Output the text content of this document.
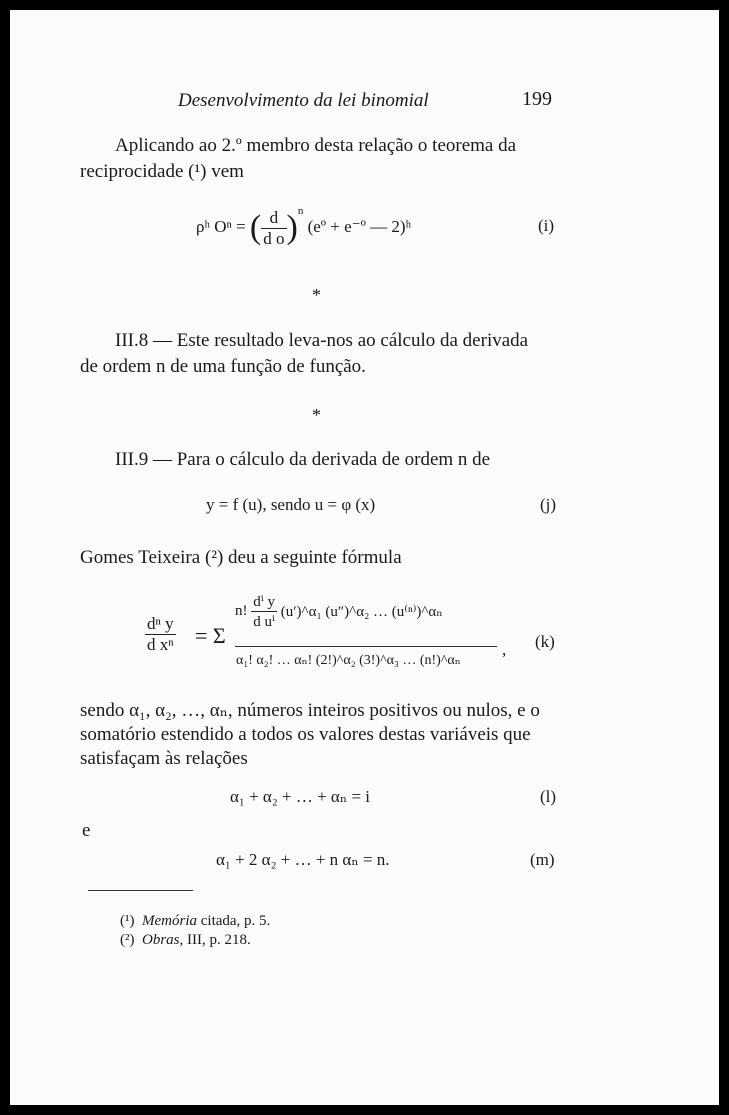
Desenvolvimento da lei binomial	199
Aplicando ao 2.º membro desta relação o teorema da
reciprocidade (¹) vem
ρʰ Oⁿ = ( $\frac{d}{\text{d o}} )^n$ (eº + e⁻º — 2)ʰ	(i)
*
III.8 — Este resultado leva-nos ao cálculo da derivada
de ordem n de uma função de função.
*
III.9 — Para o cálculo da derivada de ordem n de
y = f (u), sendo u = φ (x)	(j)
Gomes Teixeira (²) deu a seguinte fórmula
$\frac{\text{dⁿ y}}{\text{d xⁿ}} = \Sigma$
n! $\frac{\text{dⁱ y}}{\text{d uⁱ}}$ (u′)^α₁ (u″)^α₂ … (u⁽ⁿ⁾)^αₙ
α₁! α₂! … αₙ! (2!)^α₂ (3!)^α₃ … (n!)^αₙ
, (k)
sendo α₁, α₂, …, αₙ, números inteiros positivos ou nulos, e o
somatório estendido a todos os valores destas variáveis que
satisfaçam às relações
α₁ + α₂ + … + αₙ = i	(l)
e
α₁ + 2 α₂ + … + n αₙ = n.	(m)
(¹) Memória citada, p. 5.
(²) Obras, III, p. 218.
